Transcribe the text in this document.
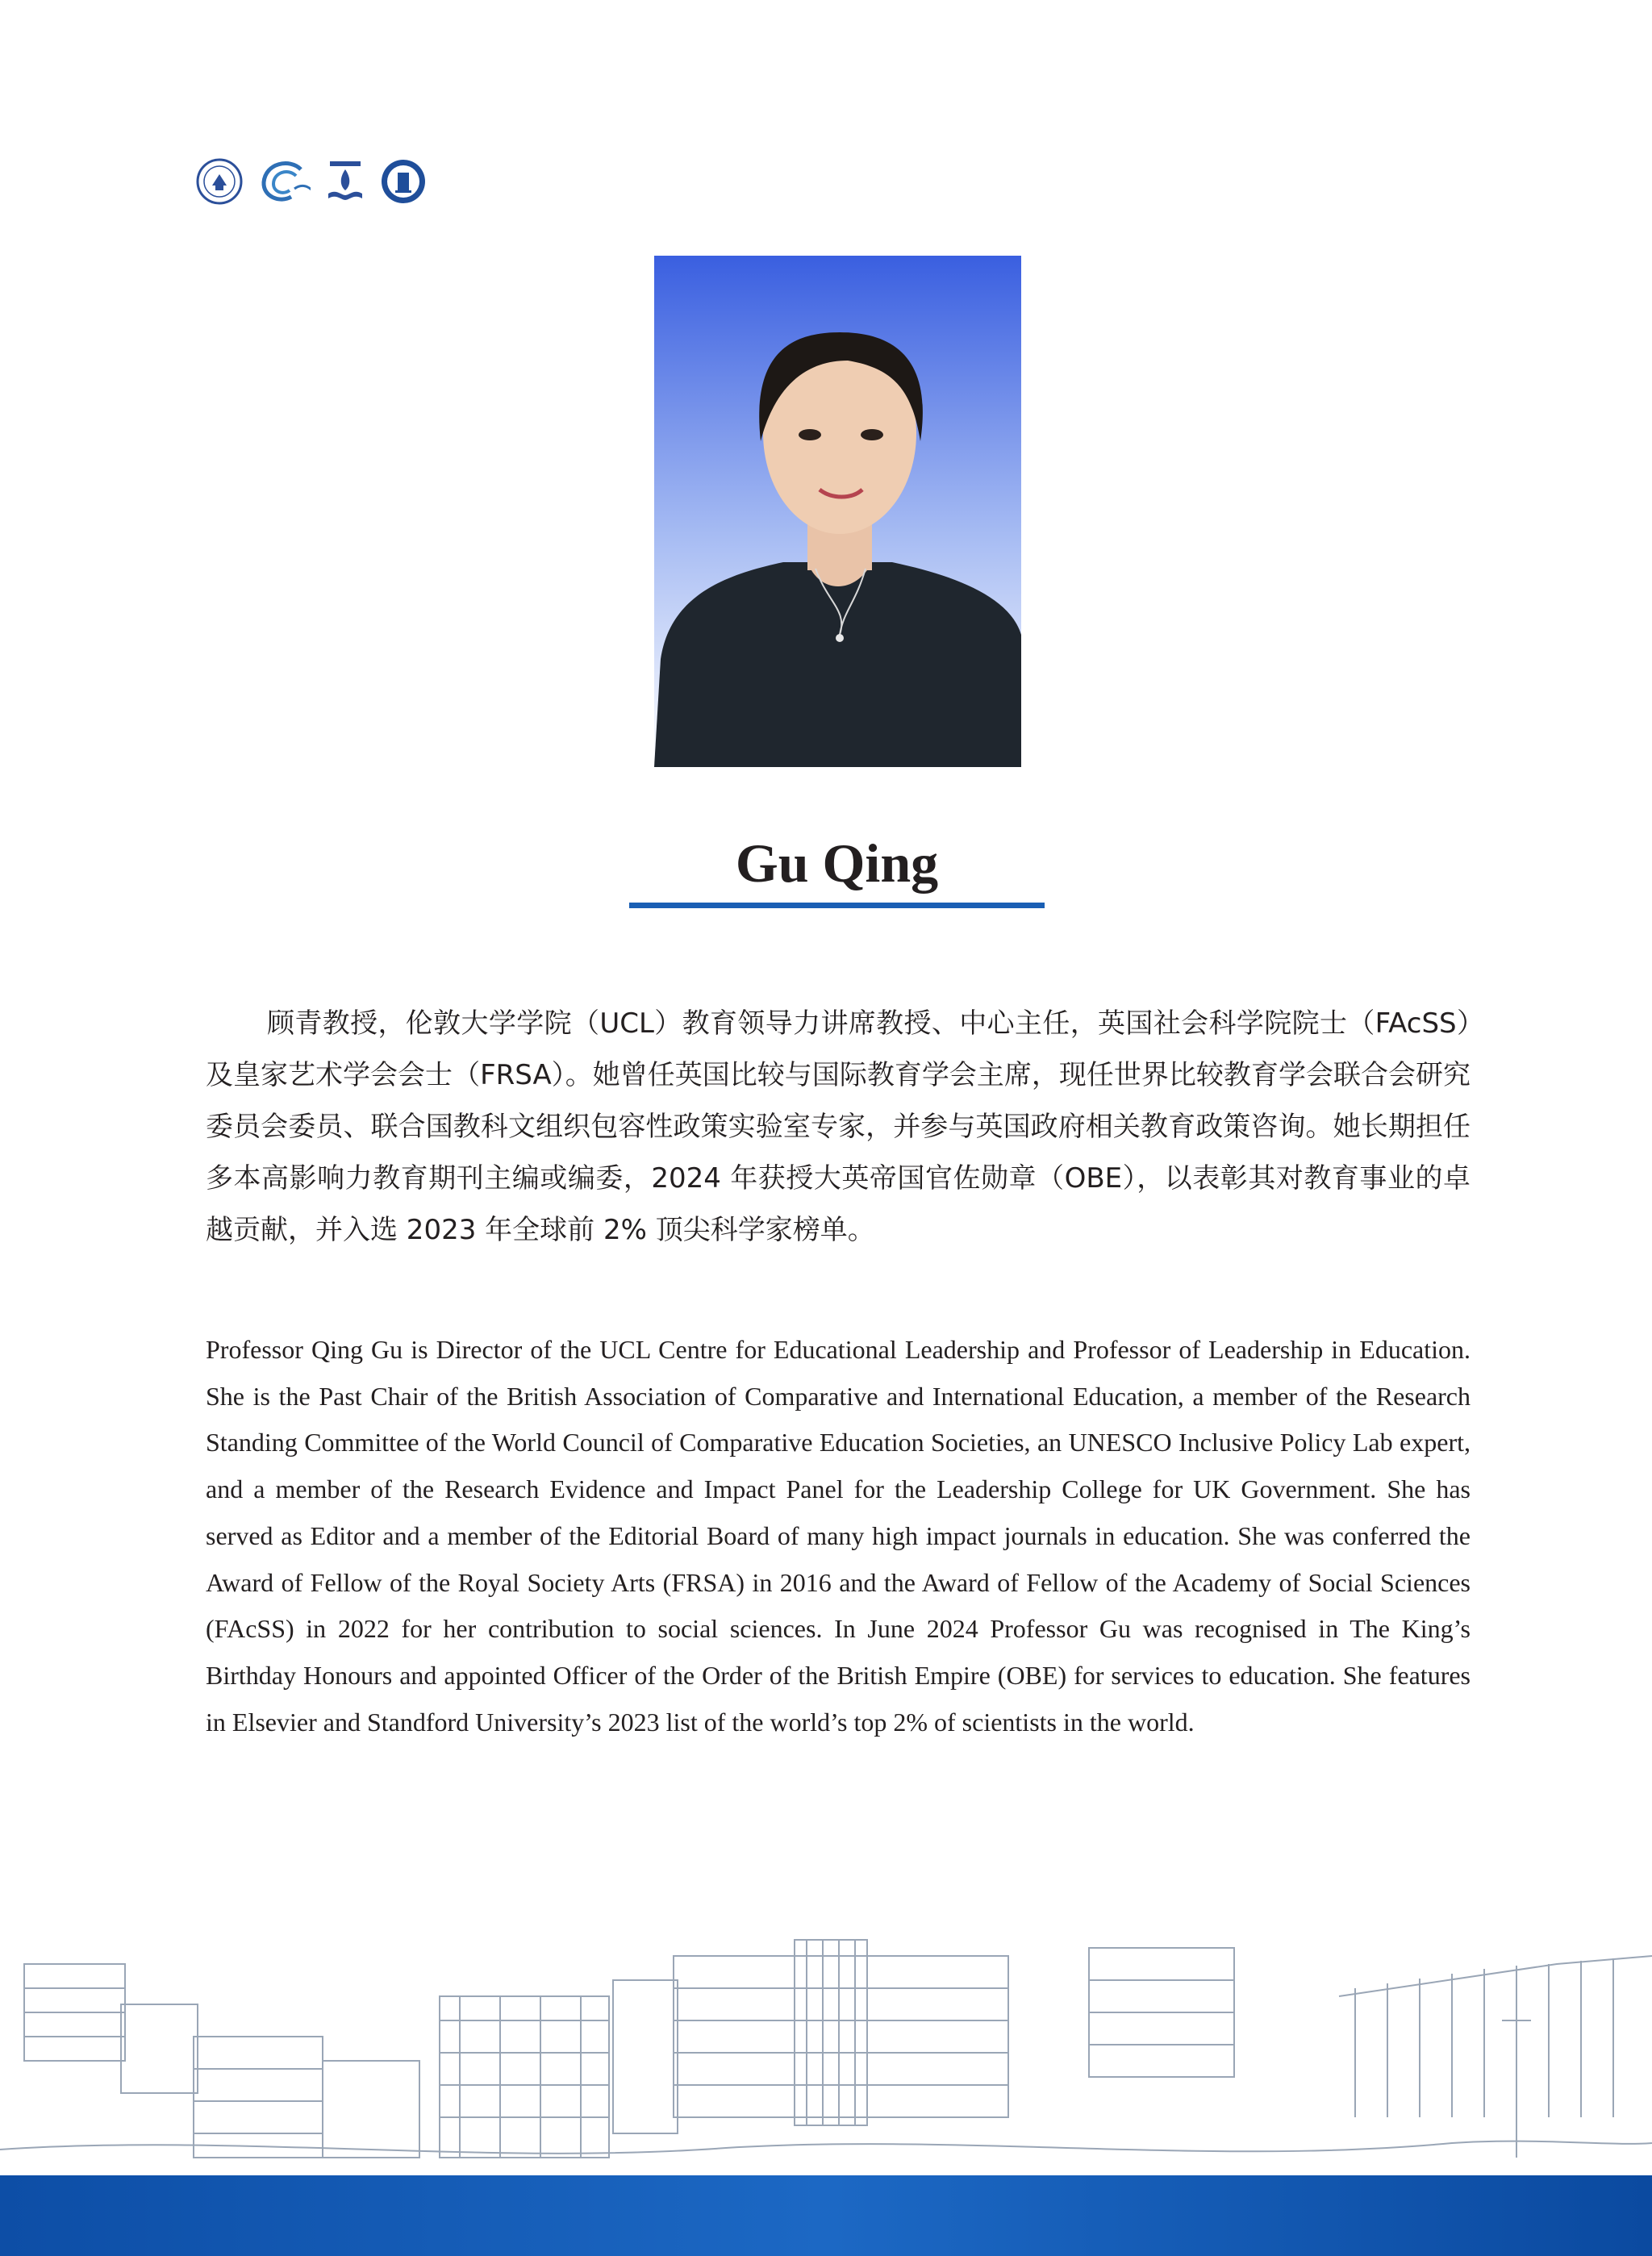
Gu Qing

顾青教授，伦敦大学学院（UCL）教育领导力讲席教授、中心主任，英国社会科学院院士（FAcSS）及皇家艺术学会会士（FRSA）。她曾任英国比较与国际教育学会主席，现任世界比较教育学会联合会研究委员会委员、联合国教科文组织包容性政策实验室专家，并参与英国政府相关教育政策咨询。她长期担任多本高影响力教育期刊主编或编委，2024 年获授大英帝国官佐勋章（OBE），以表彰其对教育事业的卓越贡献，并入选 2023 年全球前 2% 顶尖科学家榜单。

Professor Qing Gu is Director of the UCL Centre for Educational Leadership and Professor of Leadership in Education. She is the Past Chair of the British Association of Comparative and International Education, a member of the Research Standing Committee of the World Council of Comparative Education Societies, an UNESCO Inclusive Policy Lab expert, and a member of the Research Evidence and Impact Panel for the Leadership College for UK Government. She has served as Editor and a member of the Editorial Board of many high impact journals in education. She was conferred the Award of Fellow of the Royal Society Arts (FRSA) in 2016 and the Award of Fellow of the Academy of Social Sciences (FAcSS) in 2022 for her contribution to social sciences. In June 2024 Professor Gu was recognised in The King’s Birthday Honours and appointed Officer of the Order of the British Empire (OBE) for services to education. She features in Elsevier and Standford University’s 2023 list of the world’s top 2% of scientists in the world.
